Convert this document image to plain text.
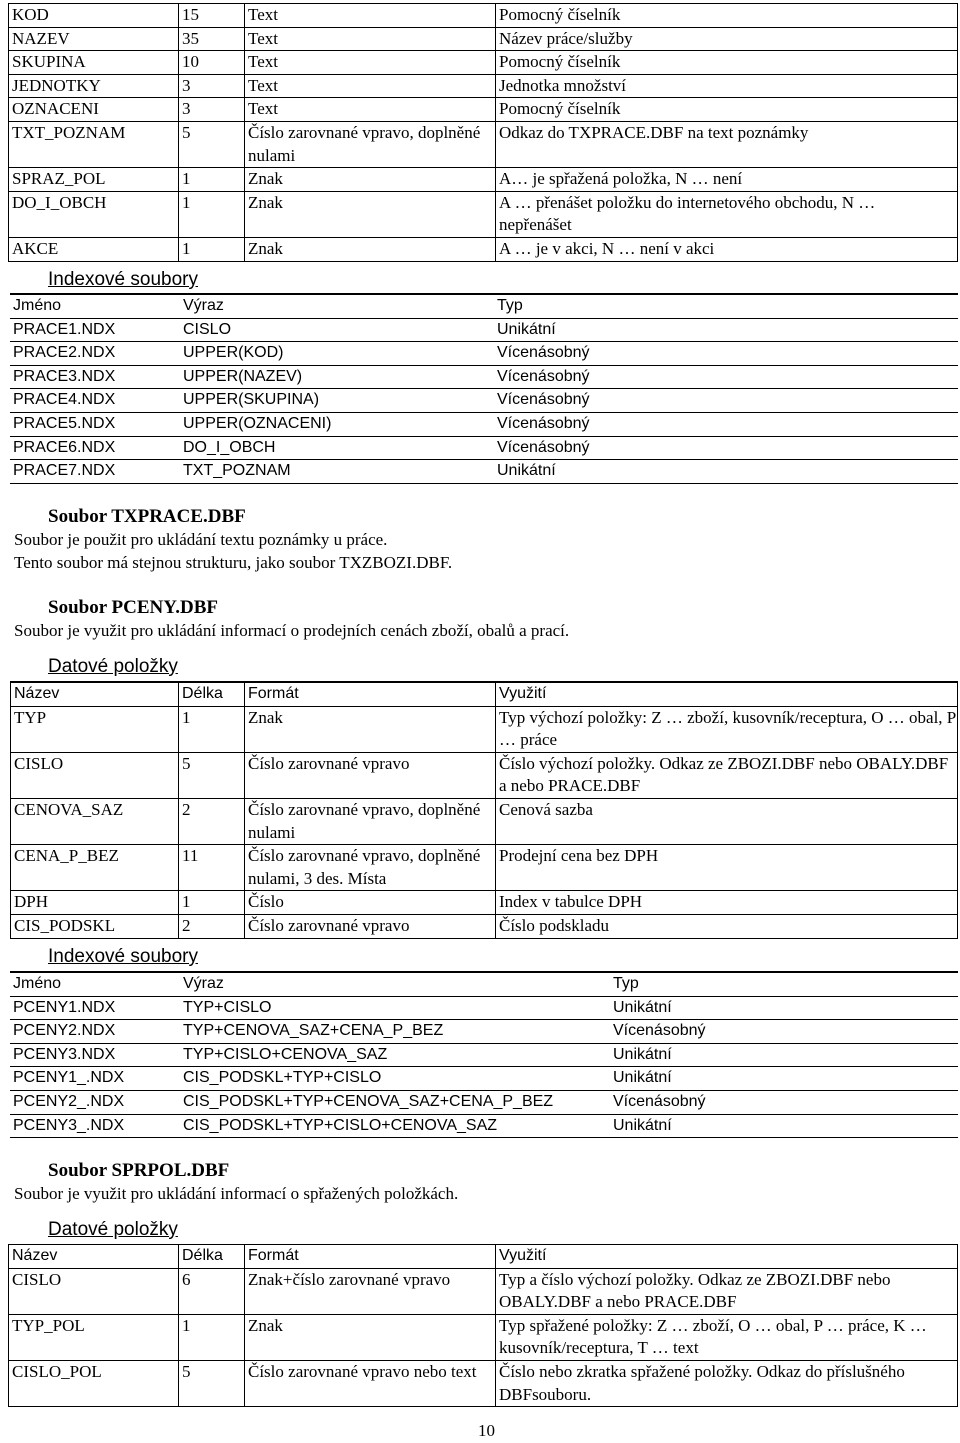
KOD	15	Text	Pomocný číselník
NAZEV	35	Text	Název práce/služby
SKUPINA	10	Text	Pomocný číselník
JEDNOTKY	3	Text	Jednotka množství
OZNACENI	3	Text	Pomocný číselník
TXT_POZNAM	5	Číslo zarovnané vpravo, doplněné nulami	Odkaz do TXPRACE.DBF na text poznámky
SPRAZ_POL	1	Znak	A… je spřažená položka, N … není
DO_I_OBCH	1	Znak	A … přenášet položku do internetového obchodu, N … nepřenášet
AKCE	1	Znak	A … je v akci, N … není v akci
Indexové soubory
Jméno	Výraz	Typ
PRACE1.NDX	CISLO	Unikátní
PRACE2.NDX	UPPER(KOD)	Vícenásobný
PRACE3.NDX	UPPER(NAZEV)	Vícenásobný
PRACE4.NDX	UPPER(SKUPINA)	Vícenásobný
PRACE5.NDX	UPPER(OZNACENI)	Vícenásobný
PRACE6.NDX	DO_I_OBCH	Vícenásobný
PRACE7.NDX	TXT_POZNAM	Unikátní
Soubor TXPRACE.DBF
Soubor je použit pro ukládání textu poznámky u práce.
Tento soubor má stejnou strukturu, jako soubor TXZBOZI.DBF.
Soubor PCENY.DBF
Soubor je využit pro ukládání informací o prodejních cenách zboží, obalů a prací.
Datové položky
Název	Délka	Formát	Využití
TYP	1	Znak	Typ výchozí položky: Z … zboží, kusovník/receptura, O … obal, P … práce
CISLO	5	Číslo zarovnané vpravo	Číslo výchozí položky. Odkaz ze ZBOZI.DBF nebo OBALY.DBF a nebo PRACE.DBF
CENOVA_SAZ	2	Číslo zarovnané vpravo, doplněné nulami	Cenová sazba
CENA_P_BEZ	11	Číslo zarovnané vpravo, doplněné nulami, 3 des. Místa	Prodejní cena bez DPH
DPH	1	Číslo	Index v tabulce DPH
CIS_PODSKL	2	Číslo zarovnané vpravo	Číslo podskladu
Indexové soubory
Jméno	Výraz	Typ
PCENY1.NDX	TYP+CISLO	Unikátní
PCENY2.NDX	TYP+CENOVA_SAZ+CENA_P_BEZ	Vícenásobný
PCENY3.NDX	TYP+CISLO+CENOVA_SAZ	Unikátní
PCENY1_.NDX	CIS_PODSKL+TYP+CISLO	Unikátní
PCENY2_.NDX	CIS_PODSKL+TYP+CENOVA_SAZ+CENA_P_BEZ	Vícenásobný
PCENY3_.NDX	CIS_PODSKL+TYP+CISLO+CENOVA_SAZ	Unikátní
Soubor SPRPOL.DBF
Soubor je využit pro ukládání informací o spřažených položkách.
Datové položky
Název	Délka	Formát	Využití
CISLO	6	Znak+číslo zarovnané vpravo	Typ a číslo výchozí položky. Odkaz ze ZBOZI.DBF nebo OBALY.DBF a nebo PRACE.DBF
TYP_POL	1	Znak	Typ spřažené položky: Z … zboží, O … obal, P … práce, K … kusovník/receptura, T … text
CISLO_POL	5	Číslo zarovnané vpravo nebo text	Číslo nebo zkratka spřažené položky. Odkaz do příslušného DBFsouboru.
10
